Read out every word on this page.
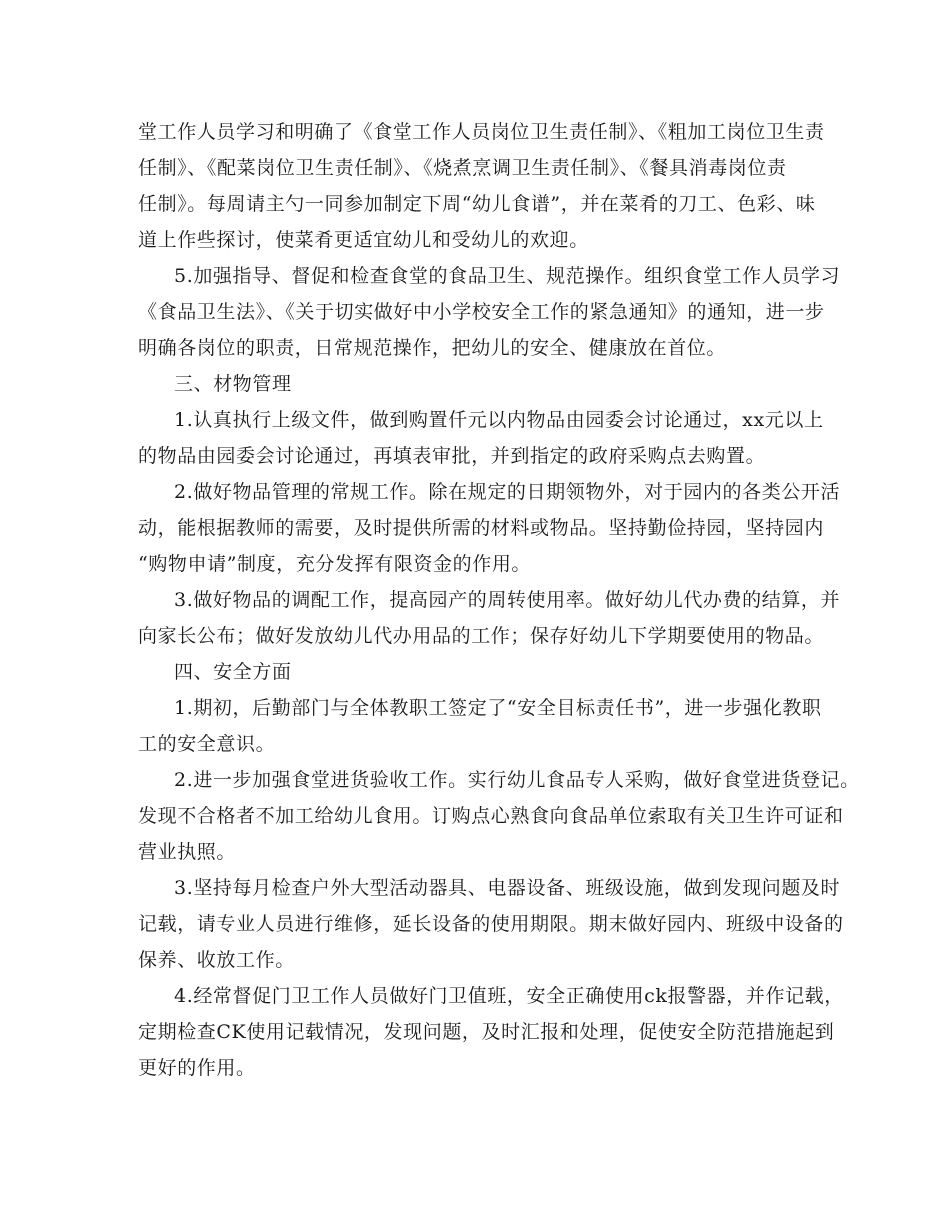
堂工作人员学习和明确了《食堂工作人员岗位卫生责任制》、《粗加工岗位卫生责
任制》、《配菜岗位卫生责任制》、《烧煮烹调卫生责任制》、《餐具消毒岗位责
任制》。每周请主勺一同参加制定下周“幼儿食谱”，并在菜肴的刀工、色彩、味
道上作些探讨，使菜肴更适宜幼儿和受幼儿的欢迎。
5.加强指导、督促和检查食堂的食品卫生、规范操作。组织食堂工作人员学习
《食品卫生法》、《关于切实做好中小学校安全工作的紧急通知》的通知，进一步
明确各岗位的职责，日常规范操作，把幼儿的安全、健康放在首位。
三、材物管理
1.认真执行上级文件，做到购置仟元以内物品由园委会讨论通过，xx元以上
的物品由园委会讨论通过，再填表审批，并到指定的政府采购点去购置。
2.做好物品管理的常规工作。除在规定的日期领物外，对于园内的各类公开活
动，能根据教师的需要，及时提供所需的材料或物品。坚持勤俭持园，坚持园内
“购物申请”制度，充分发挥有限资金的作用。
3.做好物品的调配工作，提高园产的周转使用率。做好幼儿代办费的结算，并
向家长公布；做好发放幼儿代办用品的工作；保存好幼儿下学期要使用的物品。
四、安全方面
1.期初，后勤部门与全体教职工签定了“安全目标责任书”，进一步强化教职
工的安全意识。
2.进一步加强食堂进货验收工作。实行幼儿食品专人采购，做好食堂进货登记。
发现不合格者不加工给幼儿食用。订购点心熟食向食品单位索取有关卫生许可证和
营业执照。
3.坚持每月检查户外大型活动器具、电器设备、班级设施，做到发现问题及时
记载，请专业人员进行维修，延长设备的使用期限。期末做好园内、班级中设备的
保养、收放工作。
4.经常督促门卫工作人员做好门卫值班，安全正确使用ck报警器，并作记载，
定期检查CK使用记载情况，发现问题，及时汇报和处理，促使安全防范措施起到
更好的作用。
